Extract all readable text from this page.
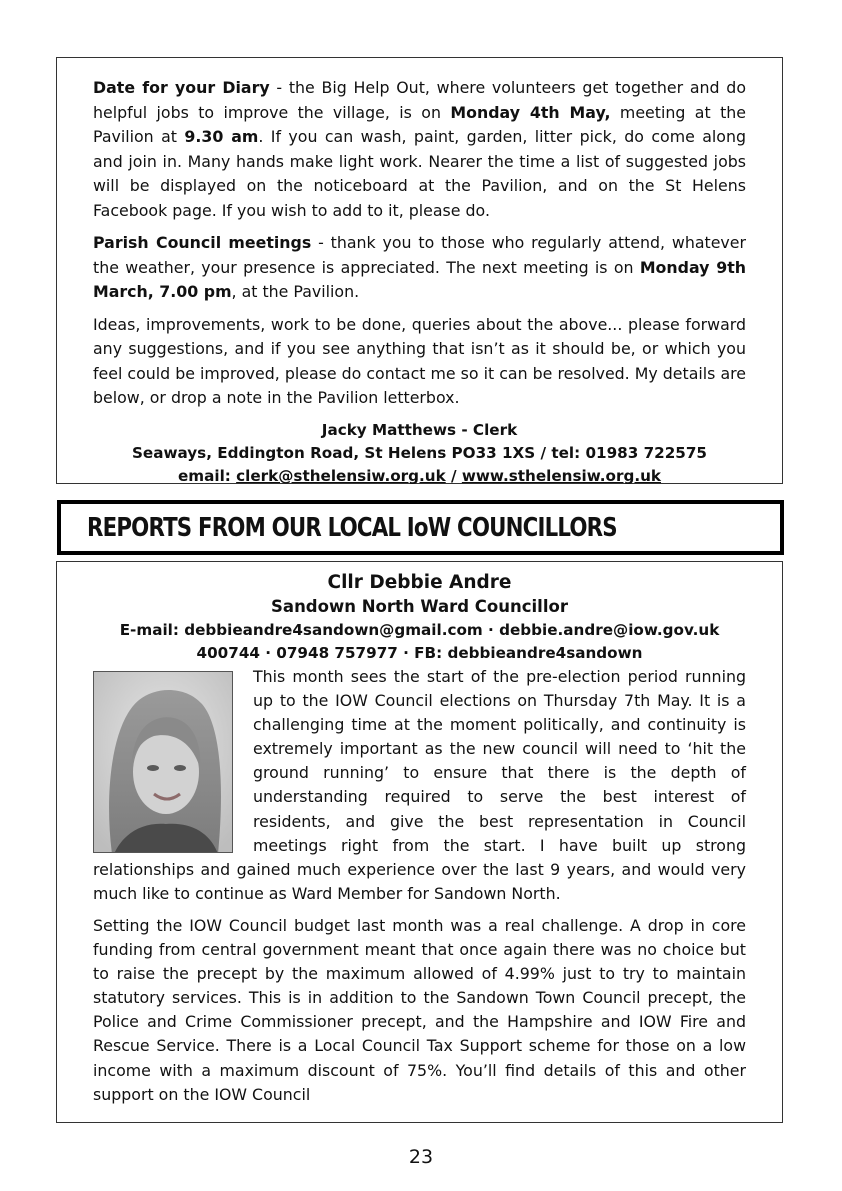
Date for your Diary - the Big Help Out, where volunteers get together and do helpful jobs to improve the village, is on Monday 4th May, meeting at the Pavilion at 9.30 am. If you can wash, paint, garden, litter pick, do come along and join in. Many hands make light work. Nearer the time a list of suggested jobs will be displayed on the noticeboard at the Pavilion, and on the St Helens Facebook page. If you wish to add to it, please do.

Parish Council meetings - thank you to those who regularly attend, whatever the weather, your presence is appreciated. The next meeting is on Monday 9th March, 7.00 pm, at the Pavilion.

Ideas, improvements, work to be done, queries about the above... please forward any suggestions, and if you see anything that isn’t as it should be, or which you feel could be improved, please do contact me so it can be resolved. My details are below, or drop a note in the Pavilion letterbox.

Jacky Matthews - Clerk
Seaways, Eddington Road, St Helens PO33 1XS / tel: 01983 722575
email: clerk@sthelensiw.org.uk / www.sthelensiw.org.uk
REPORTS FROM OUR LOCAL IoW COUNCILLORS
Cllr Debbie Andre
Sandown North Ward Councillor
E-mail: debbieandre4sandown@gmail.com · debbie.andre@iow.gov.uk
400744 · 07948 757977 · FB: debbieandre4sandown

This month sees the start of the pre-election period running up to the IOW Council elections on Thursday 7th May. It is a challenging time at the moment politically, and continuity is extremely important as the new council will need to ‘hit the ground running’ to ensure that there is the depth of understanding required to serve the best interest of residents, and give the best representation in Council meetings right from the start. I have built up strong relationships and gained much experience over the last 9 years, and would very much like to continue as Ward Member for Sandown North.

Setting the IOW Council budget last month was a real challenge. A drop in core funding from central government meant that once again there was no choice but to raise the precept by the maximum allowed of 4.99% just to try to maintain statutory services. This is in addition to the Sandown Town Council precept, the Police and Crime Commissioner precept, and the Hampshire and IOW Fire and Rescue Service. There is a Local Council Tax Support scheme for those on a low income with a maximum discount of 75%. You’ll find details of this and other support on the IOW Council

23
